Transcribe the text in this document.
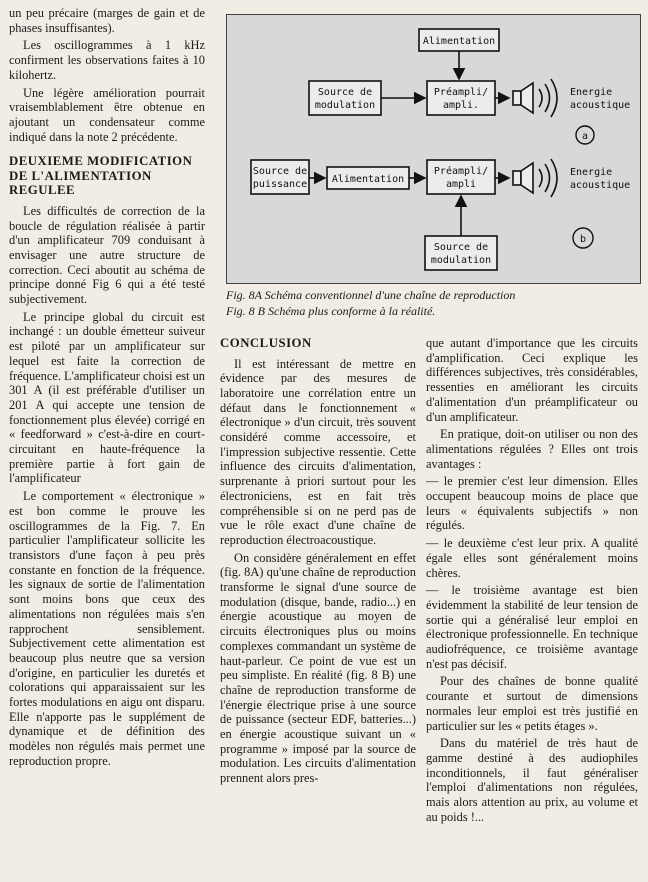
un peu précaire (marges de gain et de phases insuffisantes).

Les oscillogrammes à 1 kHz confirment les observations faites à 10 kilohertz.

Une légère amélioration pourrait vraisemblablement être obtenue en ajoutant un condensateur comme indiqué dans la note 2 précédente.

DEUXIEME MODIFICATION DE L'ALIMENTATION REGULEE

Les difficultés de correction de la boucle de régulation réalisée à partir d'un amplificateur 709 conduisant à envisager une autre structure de correction. Ceci aboutit au schéma de principe donné Fig 6 qui a été testé subjectivement.

Le principe global du circuit est inchangé : un double émetteur suiveur est piloté par un amplificateur sur lequel est faite la correction de fréquence. L'amplificateur choisi est un 301 A (il est préférable d'utiliser un 201 A qui accepte une tension de fonctionnement plus élevée) corrigé en « feedforward » c'est-à-dire en court-circuitant en haute-fréquence la première partie à fort gain de l'amplificateur

Le comportement « électronique » est bon comme le prouve les oscillogrammes de la Fig. 7. En particulier l'amplificateur sollicite les transistors d'une façon à peu près constante en fonction de la fréquence. les signaux de sortie de l'alimentation sont moins bons que ceux des alimentations non régulées mais s'en rapprochent sensiblement. Subjectivement cette alimentation est beaucoup plus neutre que sa version d'origine, en particulier les duretés et colorations qui apparaissaient sur les fortes modulations en aigu ont disparu. Elle n'apporte pas le supplément de dynamique et de définition des modèles non régulés mais permet une reproduction propre.

Alimentation
Source de
modulation
Préampli/
ampli.
Energie
acoustique
a
Source de
puissance Alimentation
Préampli/
ampli
Source de
modulation
Energie
acoustique
b
Fig. 8A Schéma conventionnel d'une chaîne de reproduction
Fig. 8 B Schéma plus conforme à la réalité.
CONCLUSION

Il est intéressant de mettre en évidence par des mesures de laboratoire une corrélation entre un défaut dans le fonctionnement « électronique » d'un circuit, très souvent considéré comme accessoire, et l'impression subjective ressentie. Cette influence des circuits d'alimentation, surprenante à priori surtout pour les électroniciens, est en fait très compréhensible si on ne perd pas de vue le rôle exact d'une chaîne de reproduction électroacoustique.

On considère généralement en effet (fig. 8A) qu'une chaîne de reproduction transforme le signal d'une source de modulation (disque, bande, radio...) en énergie acoustique au moyen de circuits électroniques plus ou moins complexes commandant un système de haut-parleur. Ce point de vue est un peu simpliste. En réalité (fig. 8 B) une chaîne de reproduction transforme de l'énergie électrique prise à une source de puissance (secteur EDF, batteries...) en énergie acoustique suivant un « programme » imposé par la source de modulation. Les circuits d'alimentation prennent alors pres-

que autant d'importance que les circuits d'amplification. Ceci explique les différences subjectives, très considérables, ressenties en améliorant les circuits d'alimentation d'un préamplificateur ou d'un amplificateur.

En pratique, doit-on utiliser ou non des alimentations régulées ? Elles ont trois avantages :

— le premier c'est leur dimension. Elles occupent beaucoup moins de place que leurs « équivalents subjectifs » non régulés.

— le deuxième c'est leur prix. A qualité égale elles sont généralement moins chères.

— le troisième avantage est bien évidemment la stabilité de leur tension de sortie qui a généralisé leur emploi en électronique professionnelle. En technique audiofréquence, ce troisième avantage n'est pas décisif.

Pour des chaînes de bonne qualité courante et surtout de dimensions normales leur emploi est très justifié en particulier sur les « petits étages ».

Dans du matériel de très haut de gamme destiné à des audiophiles inconditionnels, il faut généraliser l'emploi d'alimentations non régulées, mais alors attention au prix, au volume et au poids !...
